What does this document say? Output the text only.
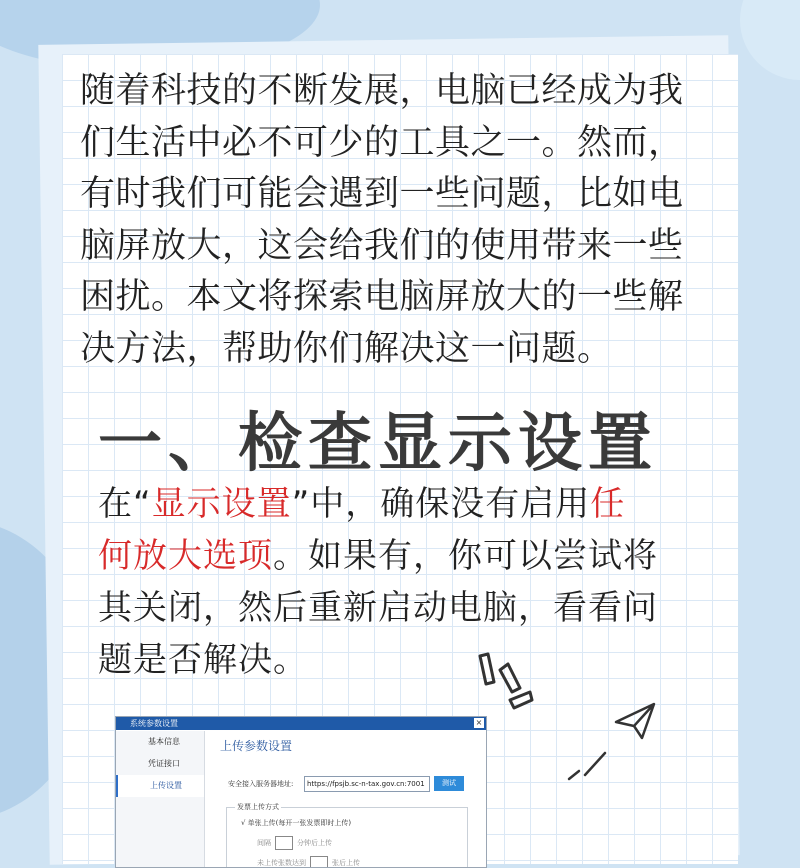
随着科技的不断发展，电脑已经成为我
们生活中必不可少的工具之一。然而，
有时我们可能会遇到一些问题，比如电
脑屏放大，这会给我们的使用带来一些
困扰。本文将探索电脑屏放大的一些解
决方法，帮助你们解决这一问题。
一、检查显示设置
在“显示设置”中，确保没有启用任
何放大选项。如果有，你可以尝试将
其关闭，然后重新启动电脑，看看问
题是否解决。
系统参数设置	×
基本信息
凭证接口
上传设置
上传参数设置
安全接入服务器地址:	https://fpsjb.sc-n-tax.gov.cn:7001	测试
发票上传方式
√ 单张上传(每开一张发票即时上传)
间隔	分钟后上传
未上传张数达到	张后上传
